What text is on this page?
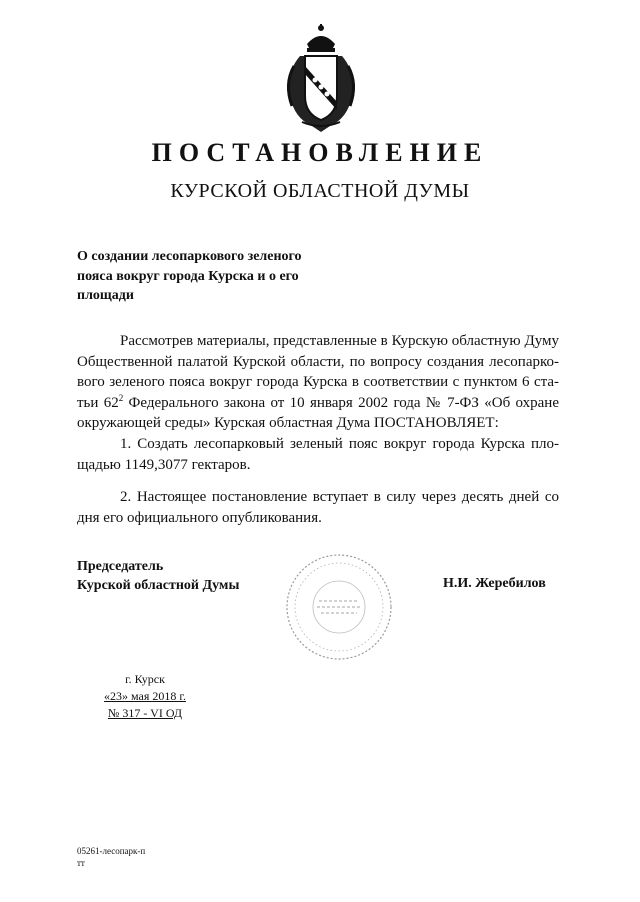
ПОСТАНОВЛЕНИЕ
КУРСКОЙ ОБЛАСТНОЙ ДУМЫ
О создании лесопаркового зеленого
пояса вокруг города Курска и о его
площади
Рассмотрев материалы, представленные в Курскую областную Думу
Общественной палатой Курской области, по вопросу создания лесопарко-
вого зеленого пояса вокруг города Курска в соответствии с пунктом 6 ста-
тьи $62^2$ Федерального закона от 10 января 2002 года № 7-ФЗ «Об охране
окружающей среды» Курская областная Дума ПОСТАНОВЛЯЕТ:
1. Создать лесопарковый зеленый пояс вокруг города Курска пло-
щадью 1149,3077 гектаров.
2. Настоящее постановление вступает в силу через десять дней со
дня его официального опубликования.
Председатель
Курской областной Думы	Н.И. Жеребилов
г. Курск
«23» мая 2018 г.
№ 317 - VI ОД
05261-лесопарк-п
тт
